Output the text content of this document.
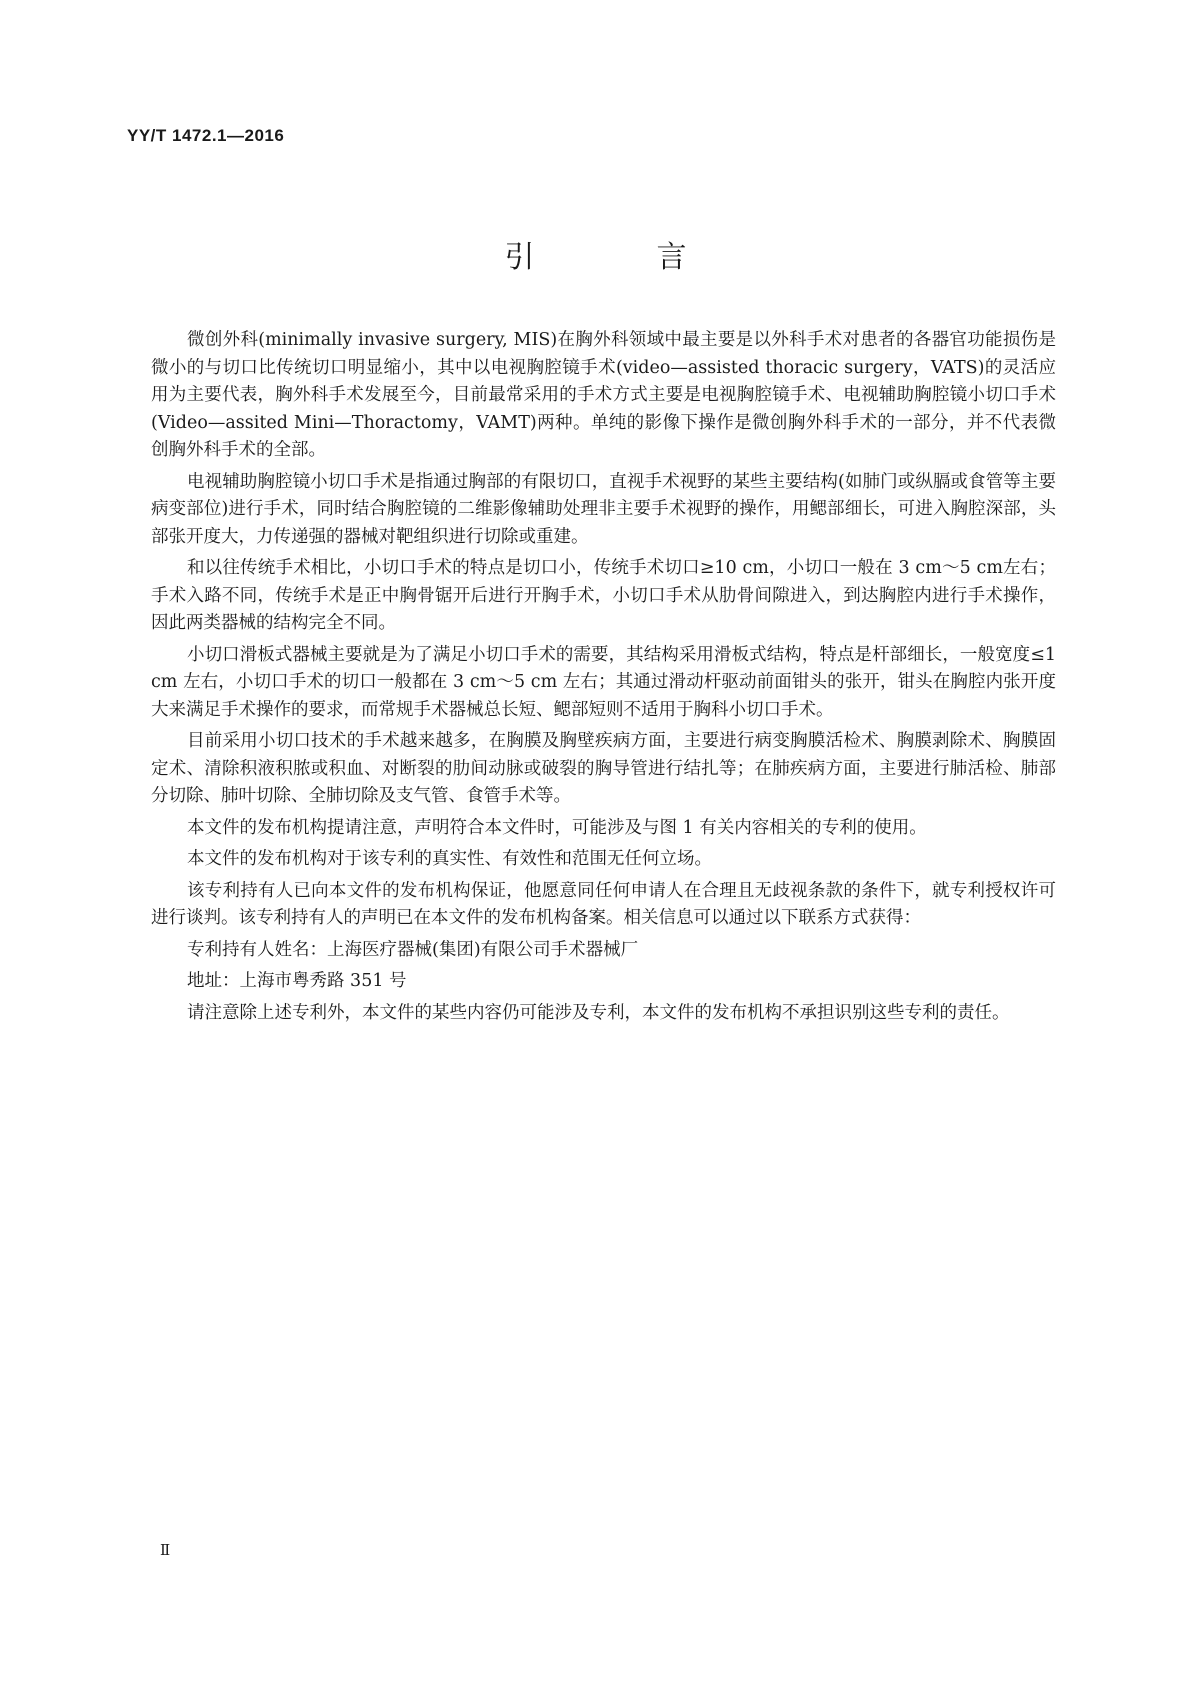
YY/T 1472.1—2016
引　言

微创外科(minimally invasive surgery, MIS)在胸外科领域中最主要是以外科手术对患者的各器官功能损伤是微小的与切口比传统切口明显缩小，其中以电视胸腔镜手术(video—assisted thoracic surgery，VATS)的灵活应用为主要代表，胸外科手术发展至今，目前最常采用的手术方式主要是电视胸腔镜手术、电视辅助胸腔镜小切口手术(Video—assited Mini—Thoractomy，VAMT)两种。单纯的影像下操作是微创胸外科手术的一部分，并不代表微创胸外科手术的全部。

电视辅助胸腔镜小切口手术是指通过胸部的有限切口，直视手术视野的某些主要结构(如肺门或纵膈或食管等主要病变部位)进行手术，同时结合胸腔镜的二维影像辅助处理非主要手术视野的操作，用鳃部细长，可进入胸腔深部，头部张开度大，力传递强的器械对靶组织进行切除或重建。

和以往传统手术相比，小切口手术的特点是切口小，传统手术切口≥10 cm，小切口一般在 3 cm～5 cm左右；手术入路不同，传统手术是正中胸骨锯开后进行开胸手术，小切口手术从肋骨间隙进入，到达胸腔内进行手术操作，因此两类器械的结构完全不同。

小切口滑板式器械主要就是为了满足小切口手术的需要，其结构采用滑板式结构，特点是杆部细长，一般宽度≤1 cm 左右，小切口手术的切口一般都在 3 cm～5 cm 左右；其通过滑动杆驱动前面钳头的张开，钳头在胸腔内张开度大来满足手术操作的要求，而常规手术器械总长短、鳃部短则不适用于胸科小切口手术。

目前采用小切口技术的手术越来越多，在胸膜及胸壁疾病方面，主要进行病变胸膜活检术、胸膜剥除术、胸膜固定术、清除积液积脓或积血、对断裂的肋间动脉或破裂的胸导管进行结扎等；在肺疾病方面，主要进行肺活检、肺部分切除、肺叶切除、全肺切除及支气管、食管手术等。

本文件的发布机构提请注意，声明符合本文件时，可能涉及与图 1 有关内容相关的专利的使用。

本文件的发布机构对于该专利的真实性、有效性和范围无任何立场。

该专利持有人已向本文件的发布机构保证，他愿意同任何申请人在合理且无歧视条款的条件下，就专利授权许可进行谈判。该专利持有人的声明已在本文件的发布机构备案。相关信息可以通过以下联系方式获得：

专利持有人姓名：上海医疗器械(集团)有限公司手术器械厂

地址：上海市粤秀路 351 号

请注意除上述专利外，本文件的某些内容仍可能涉及专利，本文件的发布机构不承担识别这些专利的责任。

Ⅱ
